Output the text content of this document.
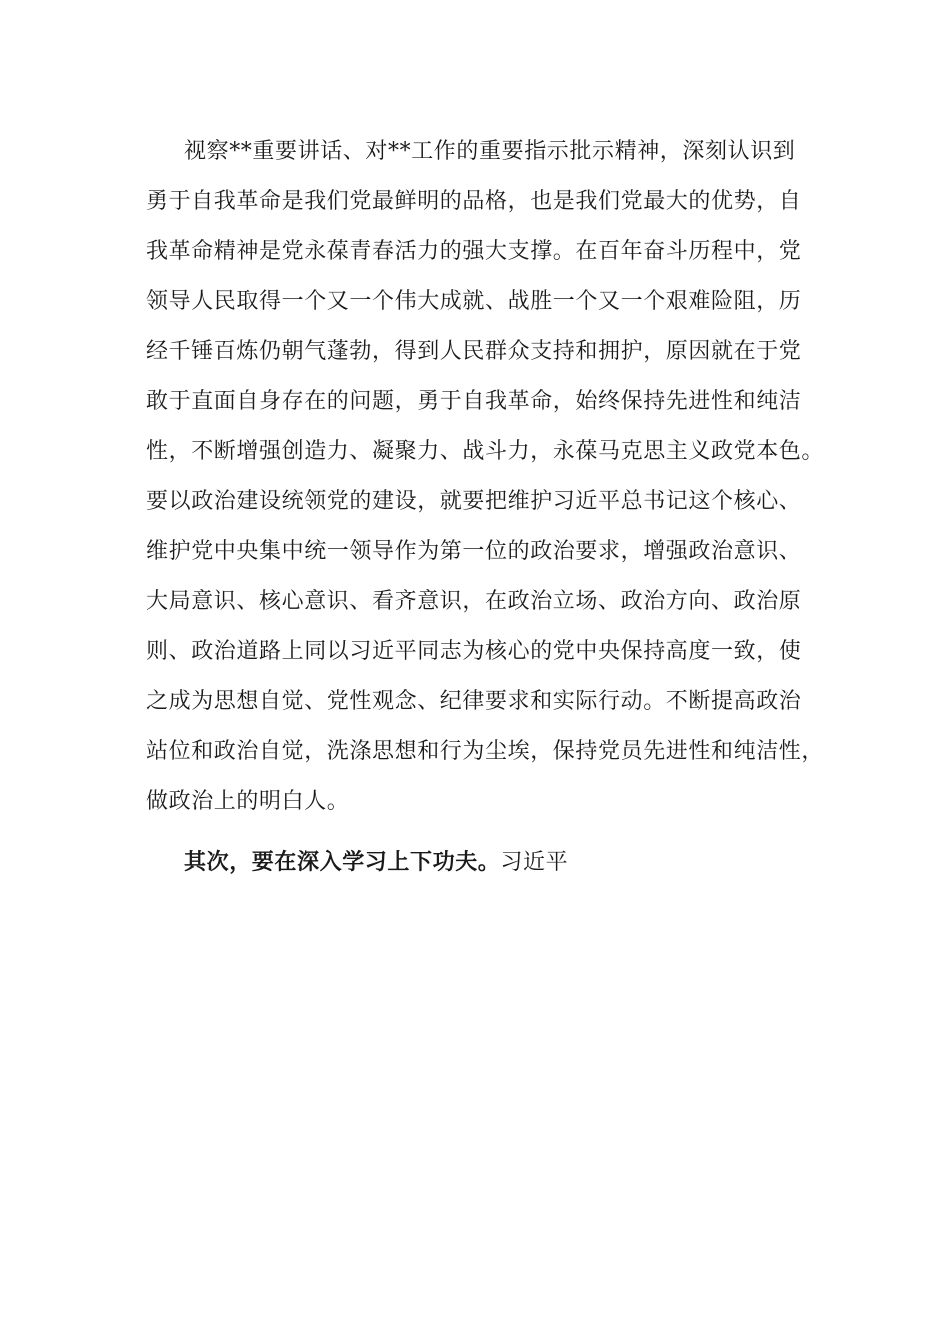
视察**重要讲话、对**工作的重要指示批示精神，深刻认识到
勇于自我革命是我们党最鲜明的品格，也是我们党最大的优势，自
我革命精神是党永葆青春活力的强大支撑。在百年奋斗历程中，党
领导人民取得一个又一个伟大成就、战胜一个又一个艰难险阻，历
经千锤百炼仍朝气蓬勃，得到人民群众支持和拥护，原因就在于党
敢于直面自身存在的问题，勇于自我革命，始终保持先进性和纯洁
性，不断增强创造力、凝聚力、战斗力，永葆马克思主义政党本色。
要以政治建设统领党的建设，就要把维护习近平总书记这个核心、
维护党中央集中统一领导作为第一位的政治要求，增强政治意识、
大局意识、核心意识、看齐意识，在政治立场、政治方向、政治原
则、政治道路上同以习近平同志为核心的党中央保持高度一致，使
之成为思想自觉、党性观念、纪律要求和实际行动。不断提高政治
站位和政治自觉，洗涤思想和行为尘埃，保持党员先进性和纯洁性，
做政治上的明白人。
其次，要在深入学习上下功夫。习近平
